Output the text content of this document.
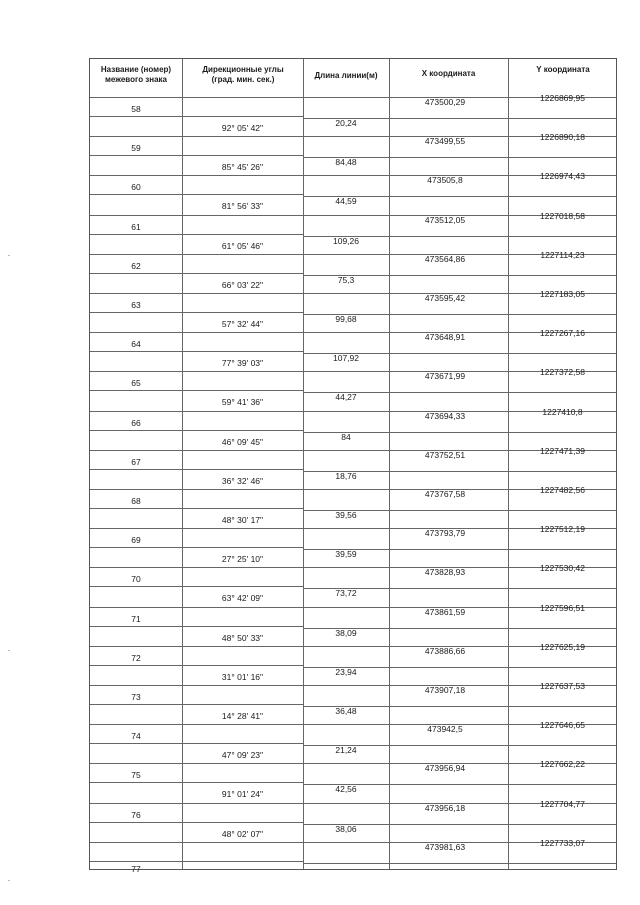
Название (номер) межевого знака
Дирекционные углы (град. мин. сек.)	Длина линии(м)	X координата	Y координата
58
473500,29	1226869,95
92° 05' 42"	20,24
59
473499,55	1226890,18
85° 45' 26"	84,48
60
473505,8	1226974,43
81° 56' 33"	44,59
61
473512,05	1227018,58
61° 05' 46"	109,26
62
473564,86	1227114,23
66° 03' 22"	75,3
63
473595,42	1227183,05
57° 32' 44"	99,68
64
473648,91	1227267,16
77° 39' 03"	107,92
65
473671,99	1227372,58
59° 41' 36"	44,27
66
473694,33	1227410,8
46° 09' 45"	84
67
473752,51	1227471,39
36° 32' 46"	18,76
68
473767,58	1227482,56
48° 30' 17"	39,56
69
473793,79	1227512,19
27° 25' 10"	39,59
70
473828,93	1227530,42
63° 42' 09"	73,72
71
473861,59	1227596,51
48° 50' 33"	38,09
72
473886,66	1227625,19
31° 01' 16"	23,94
73
473907,18	1227637,53
14° 28' 41"	36,48
74
473942,5	1227646,65
47° 09' 23"	21,24
75
473956,94	1227662,22
91° 01' 24"	42,56
76
473956,18	1227704,77
48° 02' 07"	38,06
77
473981,63	1227733,07
